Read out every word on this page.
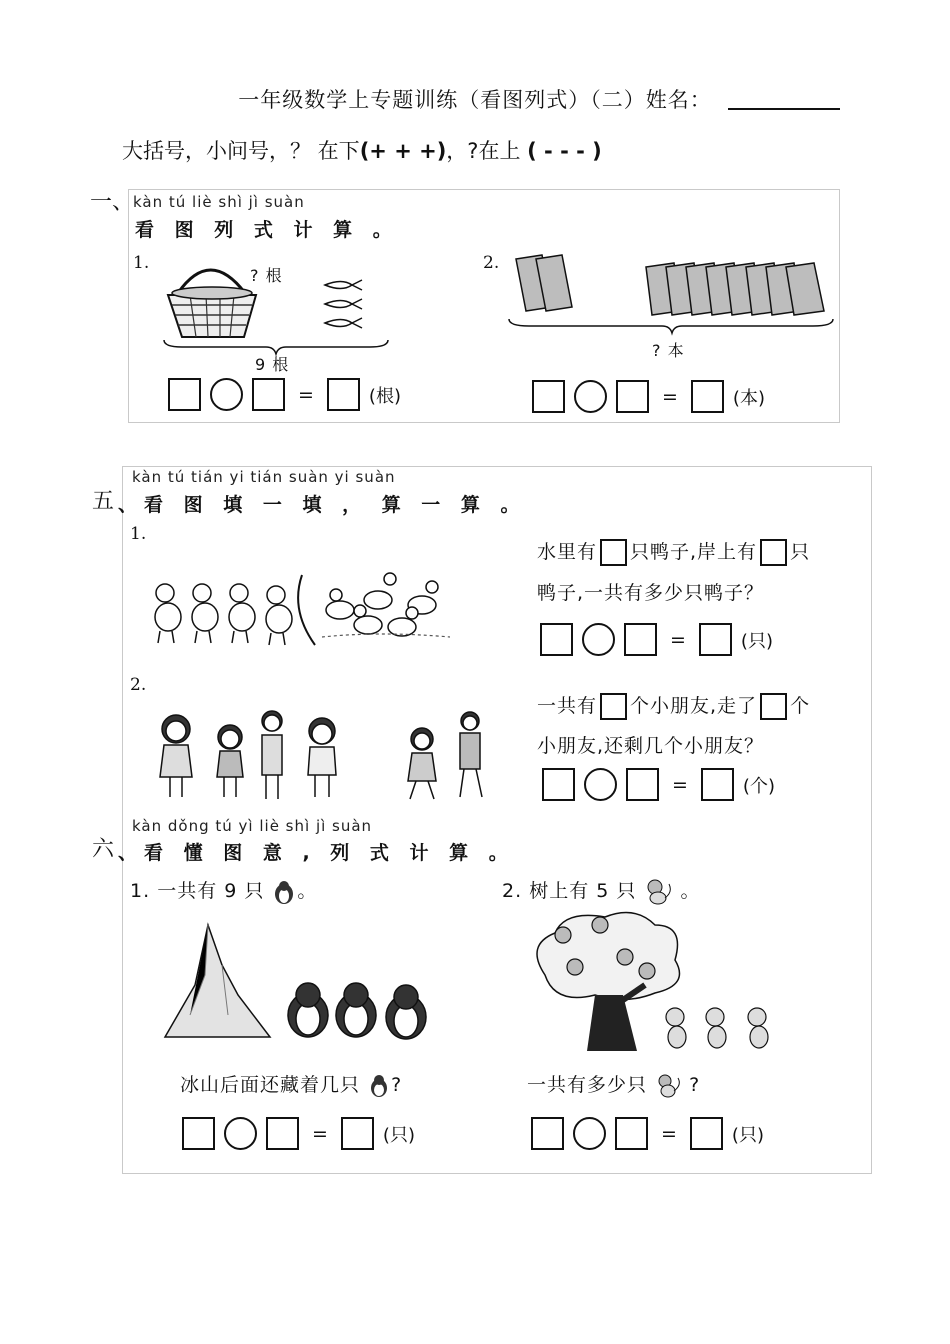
一年级数学上专题训练（看图列式）（二）姓名：
大括号，小问号，？ 在下(+ + +)，?在上 ( - - - )
一、
kàn tú liè shì jì suàn
看 图 列 式 计 算 。
1.
? 根
9 根
=	(根)
2.
? 本
=	(本)
五
kàn tú tián yi tián suàn yi suàn
、看 图 填 一 填 ， 算 一 算 。
1.
水里有 只鸭子,岸上有 只
鸭子,一共有多少只鸭子？
=	(只)
2.
一共有 个小朋友,走了 个
小朋友,还剩几个小朋友？
=	(个)
六
kàn dǒng tú yì liè shì jì suàn
、看 懂 图 意 , 列 式 计 算 。
1. 一共有 9 只 。
冰山后面还藏着几只 ?
=	(只)
2. 树上有 5 只 。
一共有多少只 ?
=	(只)
